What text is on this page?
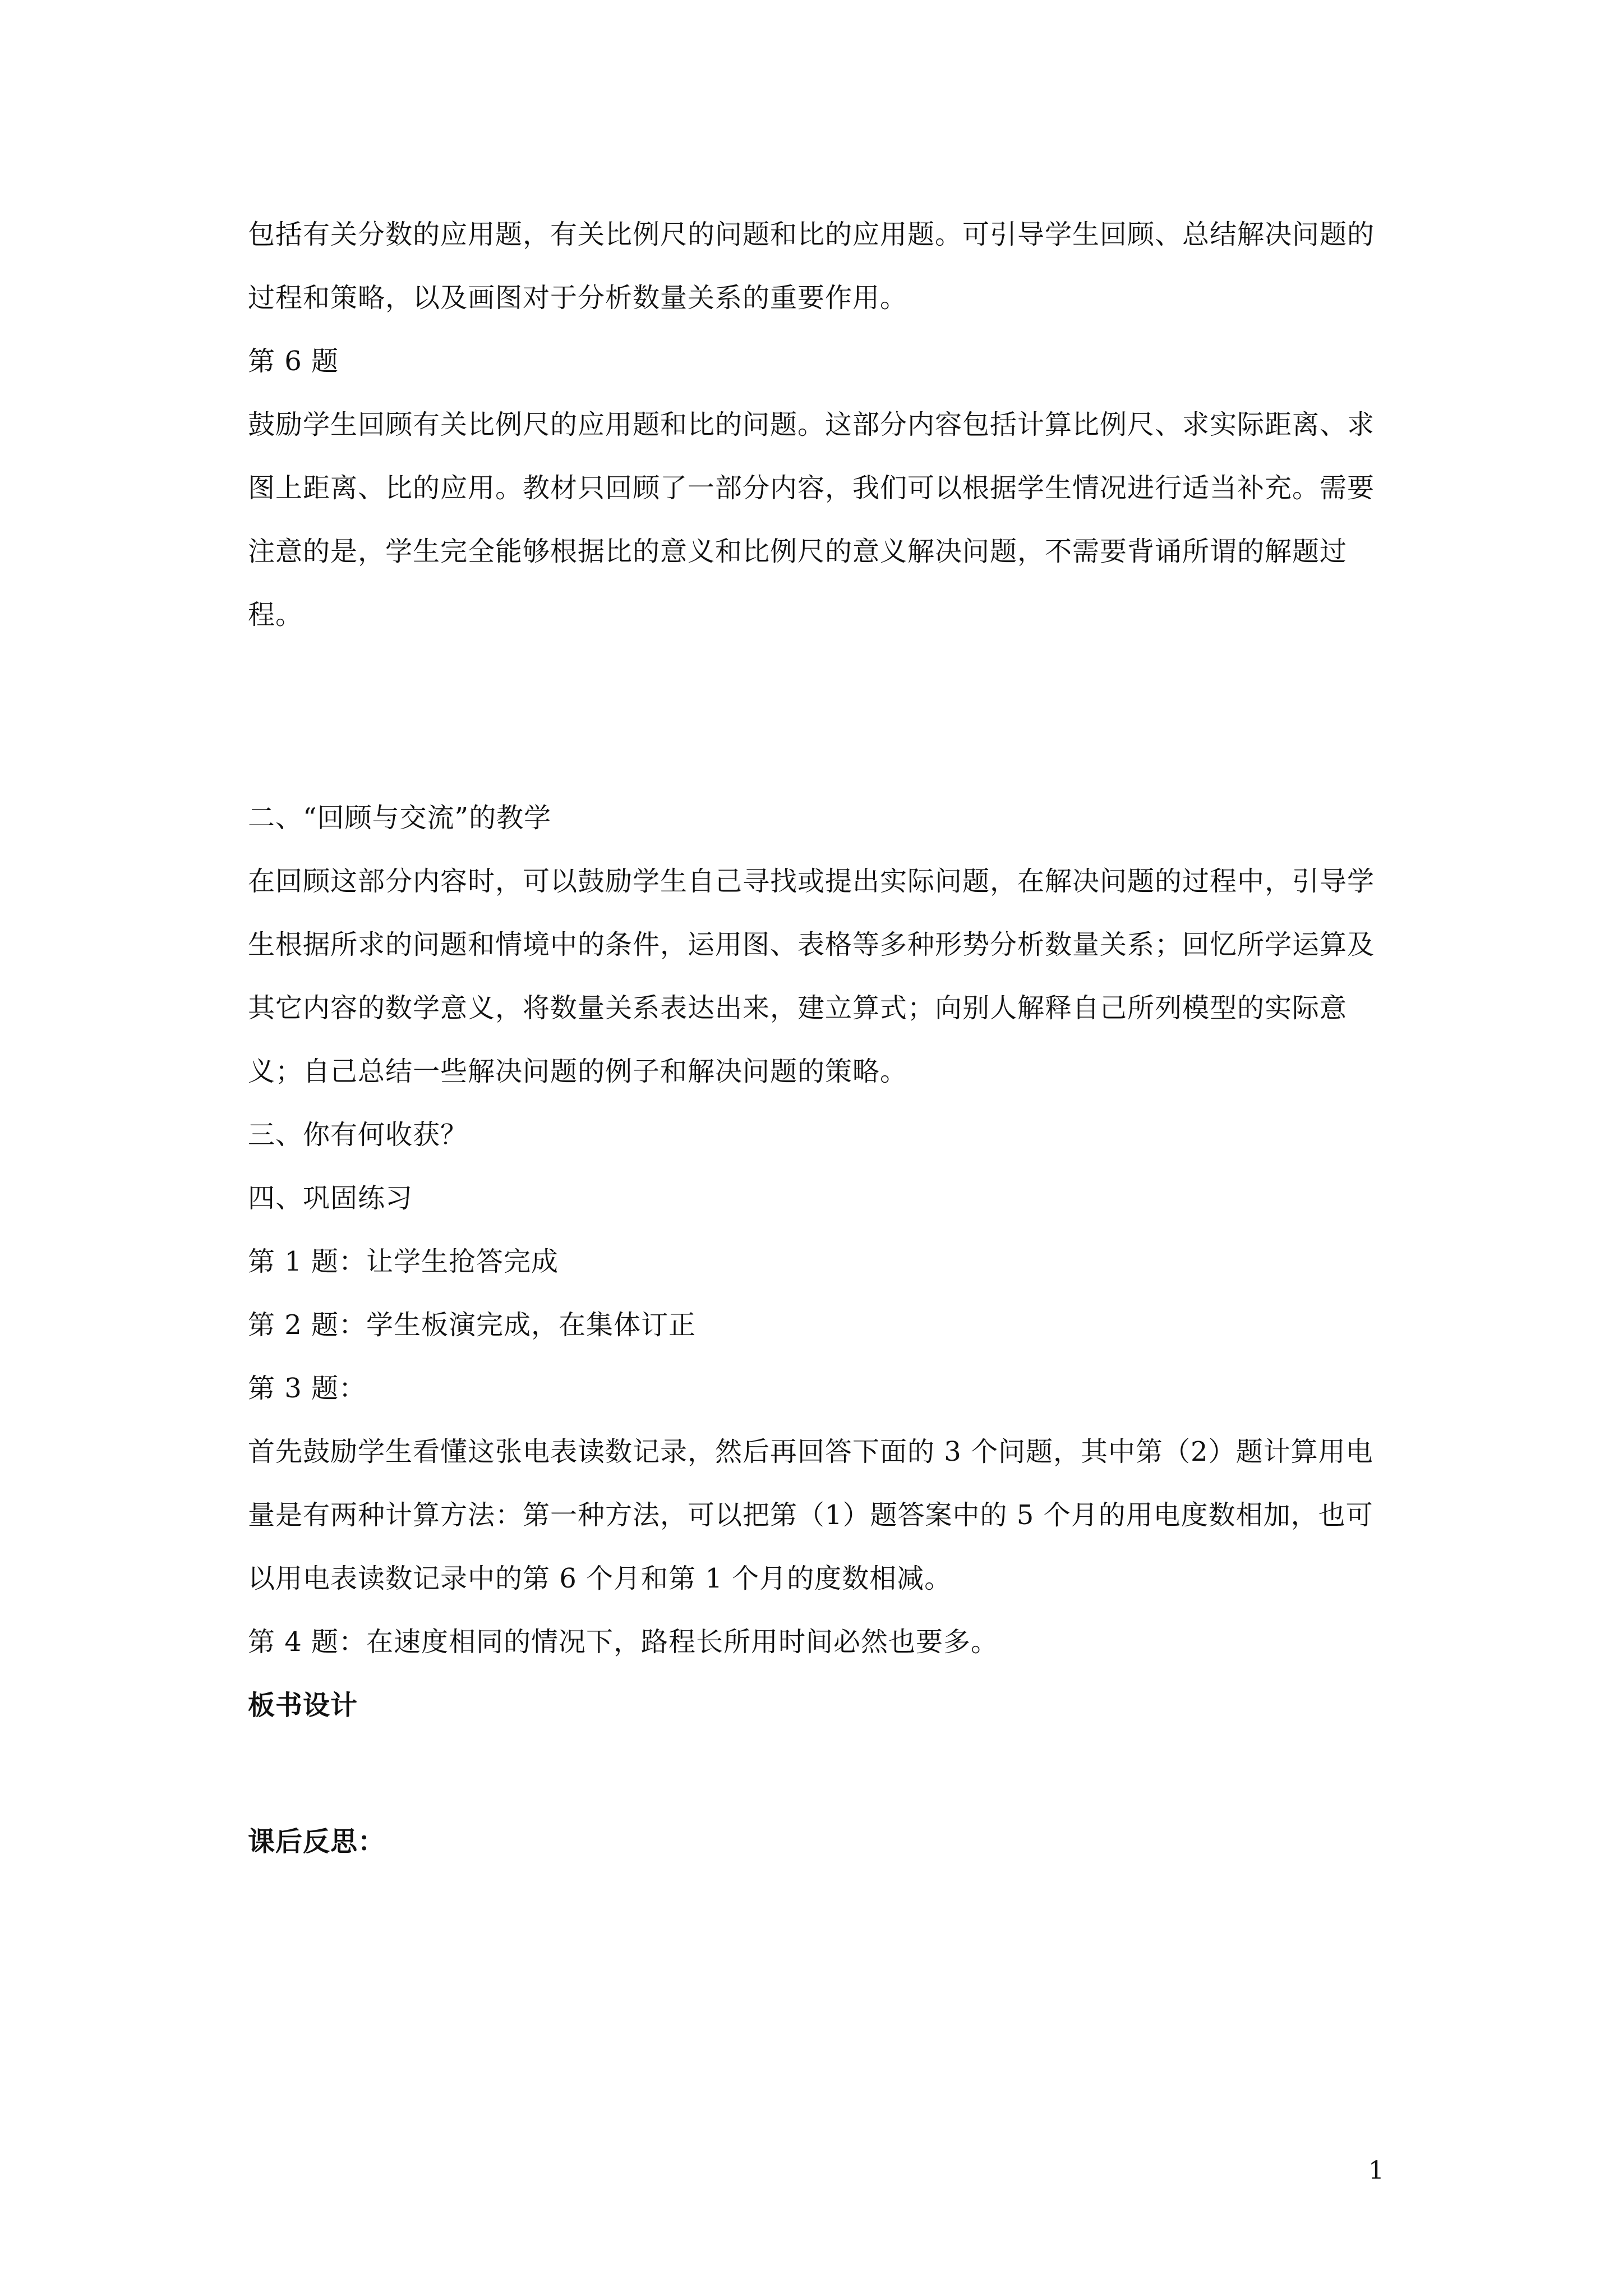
包括有关分数的应用题，有关比例尺的问题和比的应用题。可引导学生回顾、总结解决问题的过程和策略，以及画图对于分析数量关系的重要作用。

第 6 题

鼓励学生回顾有关比例尺的应用题和比的问题。这部分内容包括计算比例尺、求实际距离、求图上距离、比的应用。教材只回顾了一部分内容，我们可以根据学生情况进行适当补充。需要注意的是，学生完全能够根据比的意义和比例尺的意义解决问题，不需要背诵所谓的解题过程。

二、“回顾与交流”的教学

在回顾这部分内容时，可以鼓励学生自己寻找或提出实际问题，在解决问题的过程中，引导学生根据所求的问题和情境中的条件，运用图、表格等多种形势分析数量关系；回忆所学运算及其它内容的数学意义，将数量关系表达出来，建立算式；向别人解释自己所列模型的实际意义；自己总结一些解决问题的例子和解决问题的策略。

三、你有何收获？

四、巩固练习

第 1 题：让学生抢答完成

第 2 题：学生板演完成，在集体订正

第 3 题：

首先鼓励学生看懂这张电表读数记录，然后再回答下面的 3 个问题，其中第（2）题计算用电量是有两种计算方法：第一种方法，可以把第（1）题答案中的 5 个月的用电度数相加，也可以用电表读数记录中的第 6 个月和第 1 个月的度数相减。

第 4 题：在速度相同的情况下，路程长所用时间必然也要多。

板书设计

课后反思：

1
